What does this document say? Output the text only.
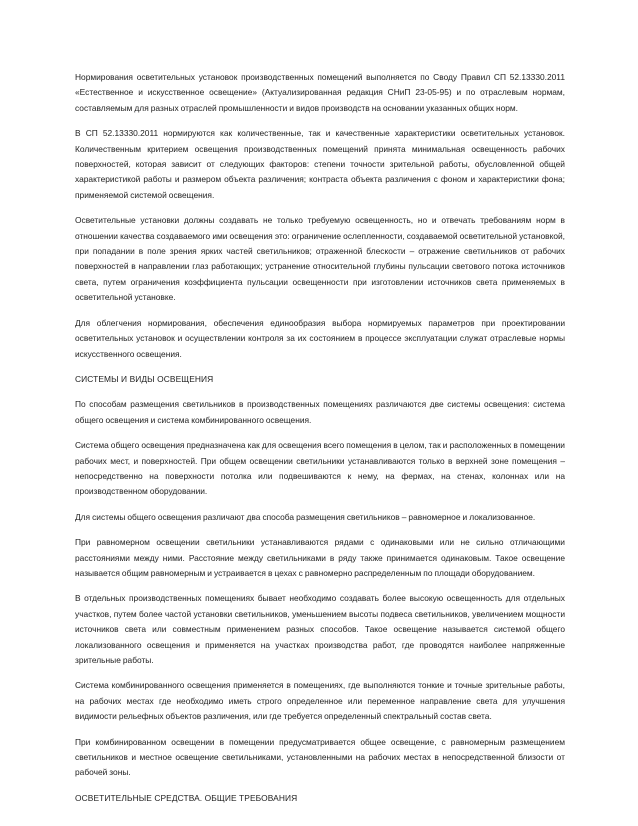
Нормирования осветительных установок производственных помещений выполняется по Своду Правил СП 52.13330.2011 «Естественное и искусственное освещение» (Актуализированная редакция СНиП 23-05-95) и по отраслевым нормам, составляемым для разных отраслей промышленности и видов производств на основании указанных общих норм.

В СП 52.13330.2011 нормируются как количественные, так и качественные характеристики осветительных установок. Количественным критерием освещения производственных помещений принята минимальная освещенность рабочих поверхностей, которая зависит от следующих факторов: степени точности зрительной работы, обусловленной общей характеристикой работы и размером объекта различения; контраста объекта различения с фоном и характеристики фона; применяемой системой освещения.

Осветительные установки должны создавать не только требуемую освещенность, но и отвечать требованиям норм в отношении качества создаваемого ими освещения это: ограничение ослепленности, создаваемой осветительной установкой, при попадании в поле зрения ярких частей светильников; отраженной блескости – отражение светильников от рабочих поверхностей в направлении глаз работающих; устранение относительной глубины пульсации светового потока источников света, путем ограничения коэффициента пульсации освещенности при изготовлении источников света применяемых в осветительной установке.

Для облегчения нормирования, обеспечения единообразия выбора нормируемых параметров при проектировании осветительных установок и осуществлении контроля за их состоянием в процессе эксплуатации служат отраслевые нормы искусственного освещения.

СИСТЕМЫ И ВИДЫ ОСВЕЩЕНИЯ

По способам размещения светильников в производственных помещениях различаются две системы освещения: система общего освещения и система комбинированного освещения.

Система общего освещения предназначена как для освещения всего помещения в целом, так и расположенных в помещении рабочих мест, и поверхностей. При общем освещении светильники устанавливаются только в верхней зоне помещения – непосредственно на поверхности потолка или подвешиваются к нему, на фермах, на стенах, колоннах или на производственном оборудовании.

Для системы общего освещения различают два способа размещения светильников – равномерное и локализованное.

При равномерном освещении светильники устанавливаются рядами с одинаковыми или не сильно отличающими расстояниями между ними. Расстояние между светильниками в ряду также принимается одинаковым. Такое освещение называется общим равномерным и устраивается в цехах с равномерно распределенным по площади оборудованием.

В отдельных производственных помещениях бывает необходимо создавать более высокую освещенность для отдельных участков, путем более частой установки светильников, уменьшением высоты подвеса светильников, увеличением мощности источников света или совместным применением разных способов. Такое освещение называется системой общего локализованного освещения и применяется на участках производства работ, где проводятся наиболее напряженные зрительные работы.

Система комбинированного освещения применяется в помещениях, где выполняются тонкие и точные зрительные работы, на рабочих местах где необходимо иметь строго определенное или переменное направление света для улучшения видимости рельефных объектов различения, или где требуется определенный спектральный состав света.

При комбинированном освещении в помещении предусматривается общее освещение, с равномерным размещением светильников и местное освещение светильниками, установленными на рабочих местах в непосредственной близости от рабочей зоны.

ОСВЕТИТЕЛЬНЫЕ СРЕДСТВА. ОБЩИЕ ТРЕБОВАНИЯ
